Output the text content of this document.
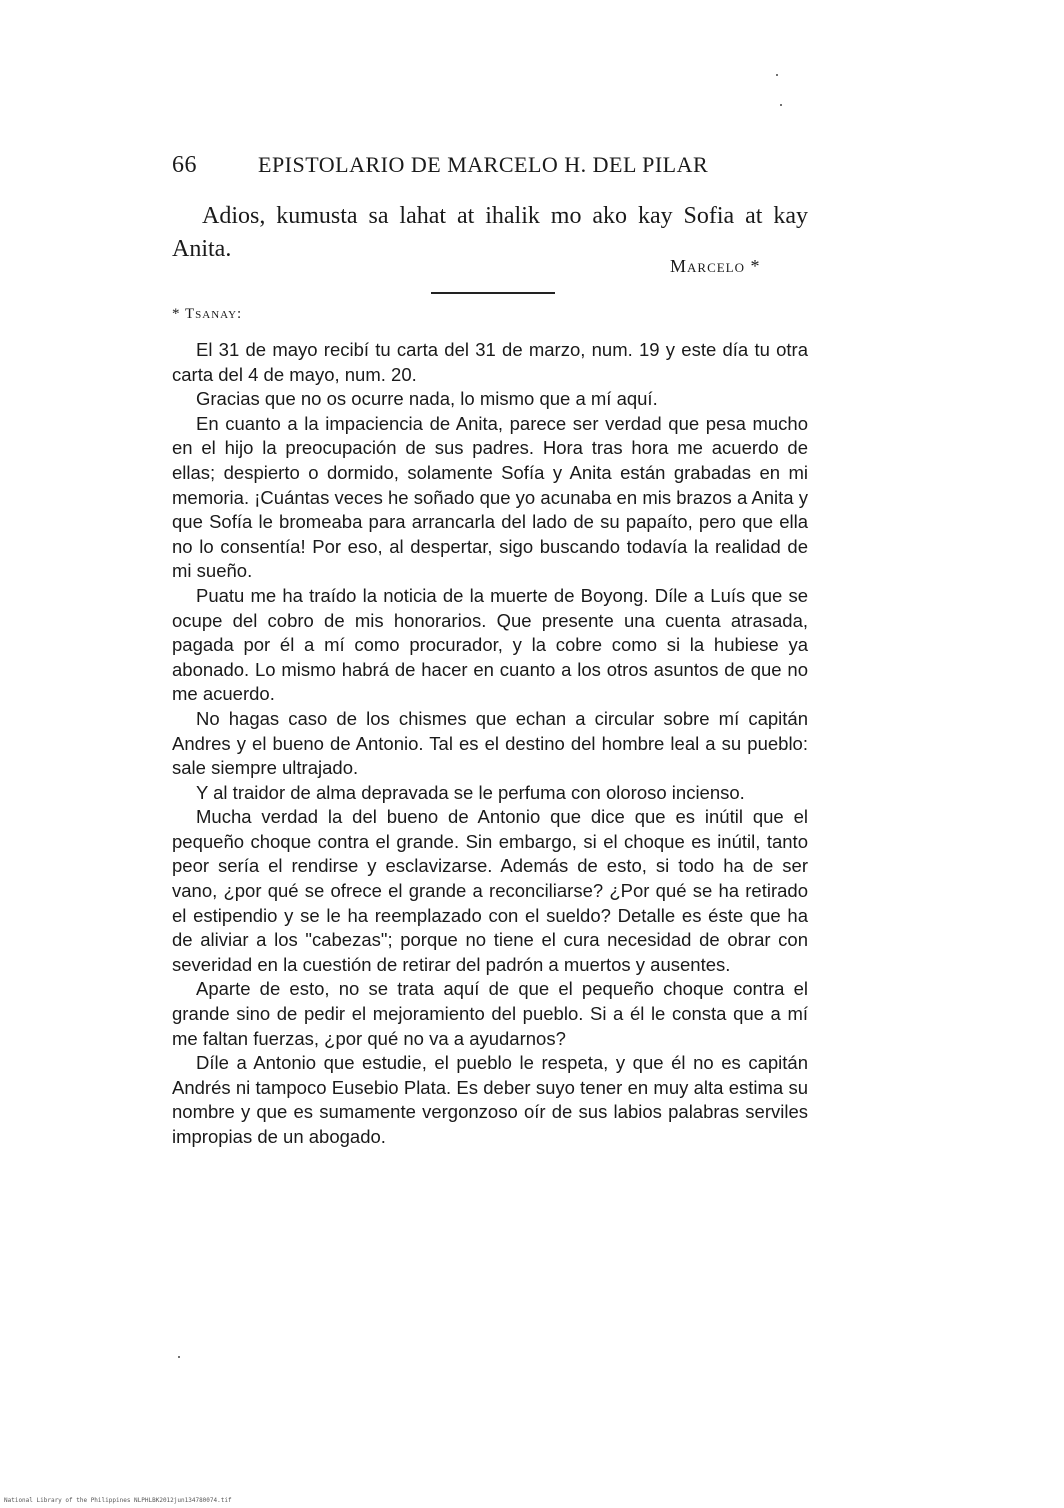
66	EPISTOLARIO DE MARCELO H. DEL PILAR

Adios, kumusta sa lahat at ihalik mo ako kay Sofia at kay Anita.

Marcelo *
* Tsanay:

El 31 de mayo recibí tu carta del 31 de marzo, num. 19 y este día tu otra carta del 4 de mayo, num. 20.

Gracias que no os ocurre nada, lo mismo que a mí aquí.

En cuanto a la impaciencia de Anita, parece ser verdad que pesa mucho en el hijo la preocupación de sus padres. Hora tras hora me acuerdo de ellas; despierto o dormido, solamente Sofía y Anita están grabadas en mi memoria. ¡Cuántas veces he soñado que yo acunaba en mis brazos a Anita y que Sofía le bromeaba para arrancarla del lado de su papaíto, pero que ella no lo consentía! Por eso, al despertar, sigo buscando todavía la realidad de mi sueño.

Puatu me ha traído la noticia de la muerte de Boyong. Díle a Luís que se ocupe del cobro de mis honorarios. Que presente una cuenta atrasada, pagada por él a mí como procurador, y la cobre como si la hubiese ya abonado. Lo mismo habrá de hacer en cuanto a los otros asuntos de que no me acuerdo.

No hagas caso de los chismes que echan a circular sobre mí capitán Andres y el bueno de Antonio. Tal es el destino del hombre leal a su pueblo: sale siempre ultrajado.

Y al traidor de alma depravada se le perfuma con oloroso incienso.

Mucha verdad la del bueno de Antonio que dice que es inútil que el pequeño choque contra el grande. Sin embargo, si el choque es inútil, tanto peor sería el rendirse y esclavizarse. Además de esto, si todo ha de ser vano, ¿por qué se ofrece el grande a reconciliarse? ¿Por qué se ha retirado el estipendio y se le ha reemplazado con el sueldo? Detalle es éste que ha de aliviar a los "cabezas"; porque no tiene el cura necesidad de obrar con severidad en la cuestión de retirar del padrón a muertos y ausentes.

Aparte de esto, no se trata aquí de que el pequeño choque contra el grande sino de pedir el mejoramiento del pueblo. Si a él le consta que a mí me faltan fuerzas, ¿por qué no va a ayudarnos?

Díle a Antonio que estudie, el pueblo le respeta, y que él no es capitán Andrés ni tampoco Eusebio Plata. Es deber suyo tener en muy alta estima su nombre y que es sumamente vergonzoso oír de sus labios palabras serviles impropias de un abogado.

National Library of the Philippines NLPHLBK2012jun134780074.tif
